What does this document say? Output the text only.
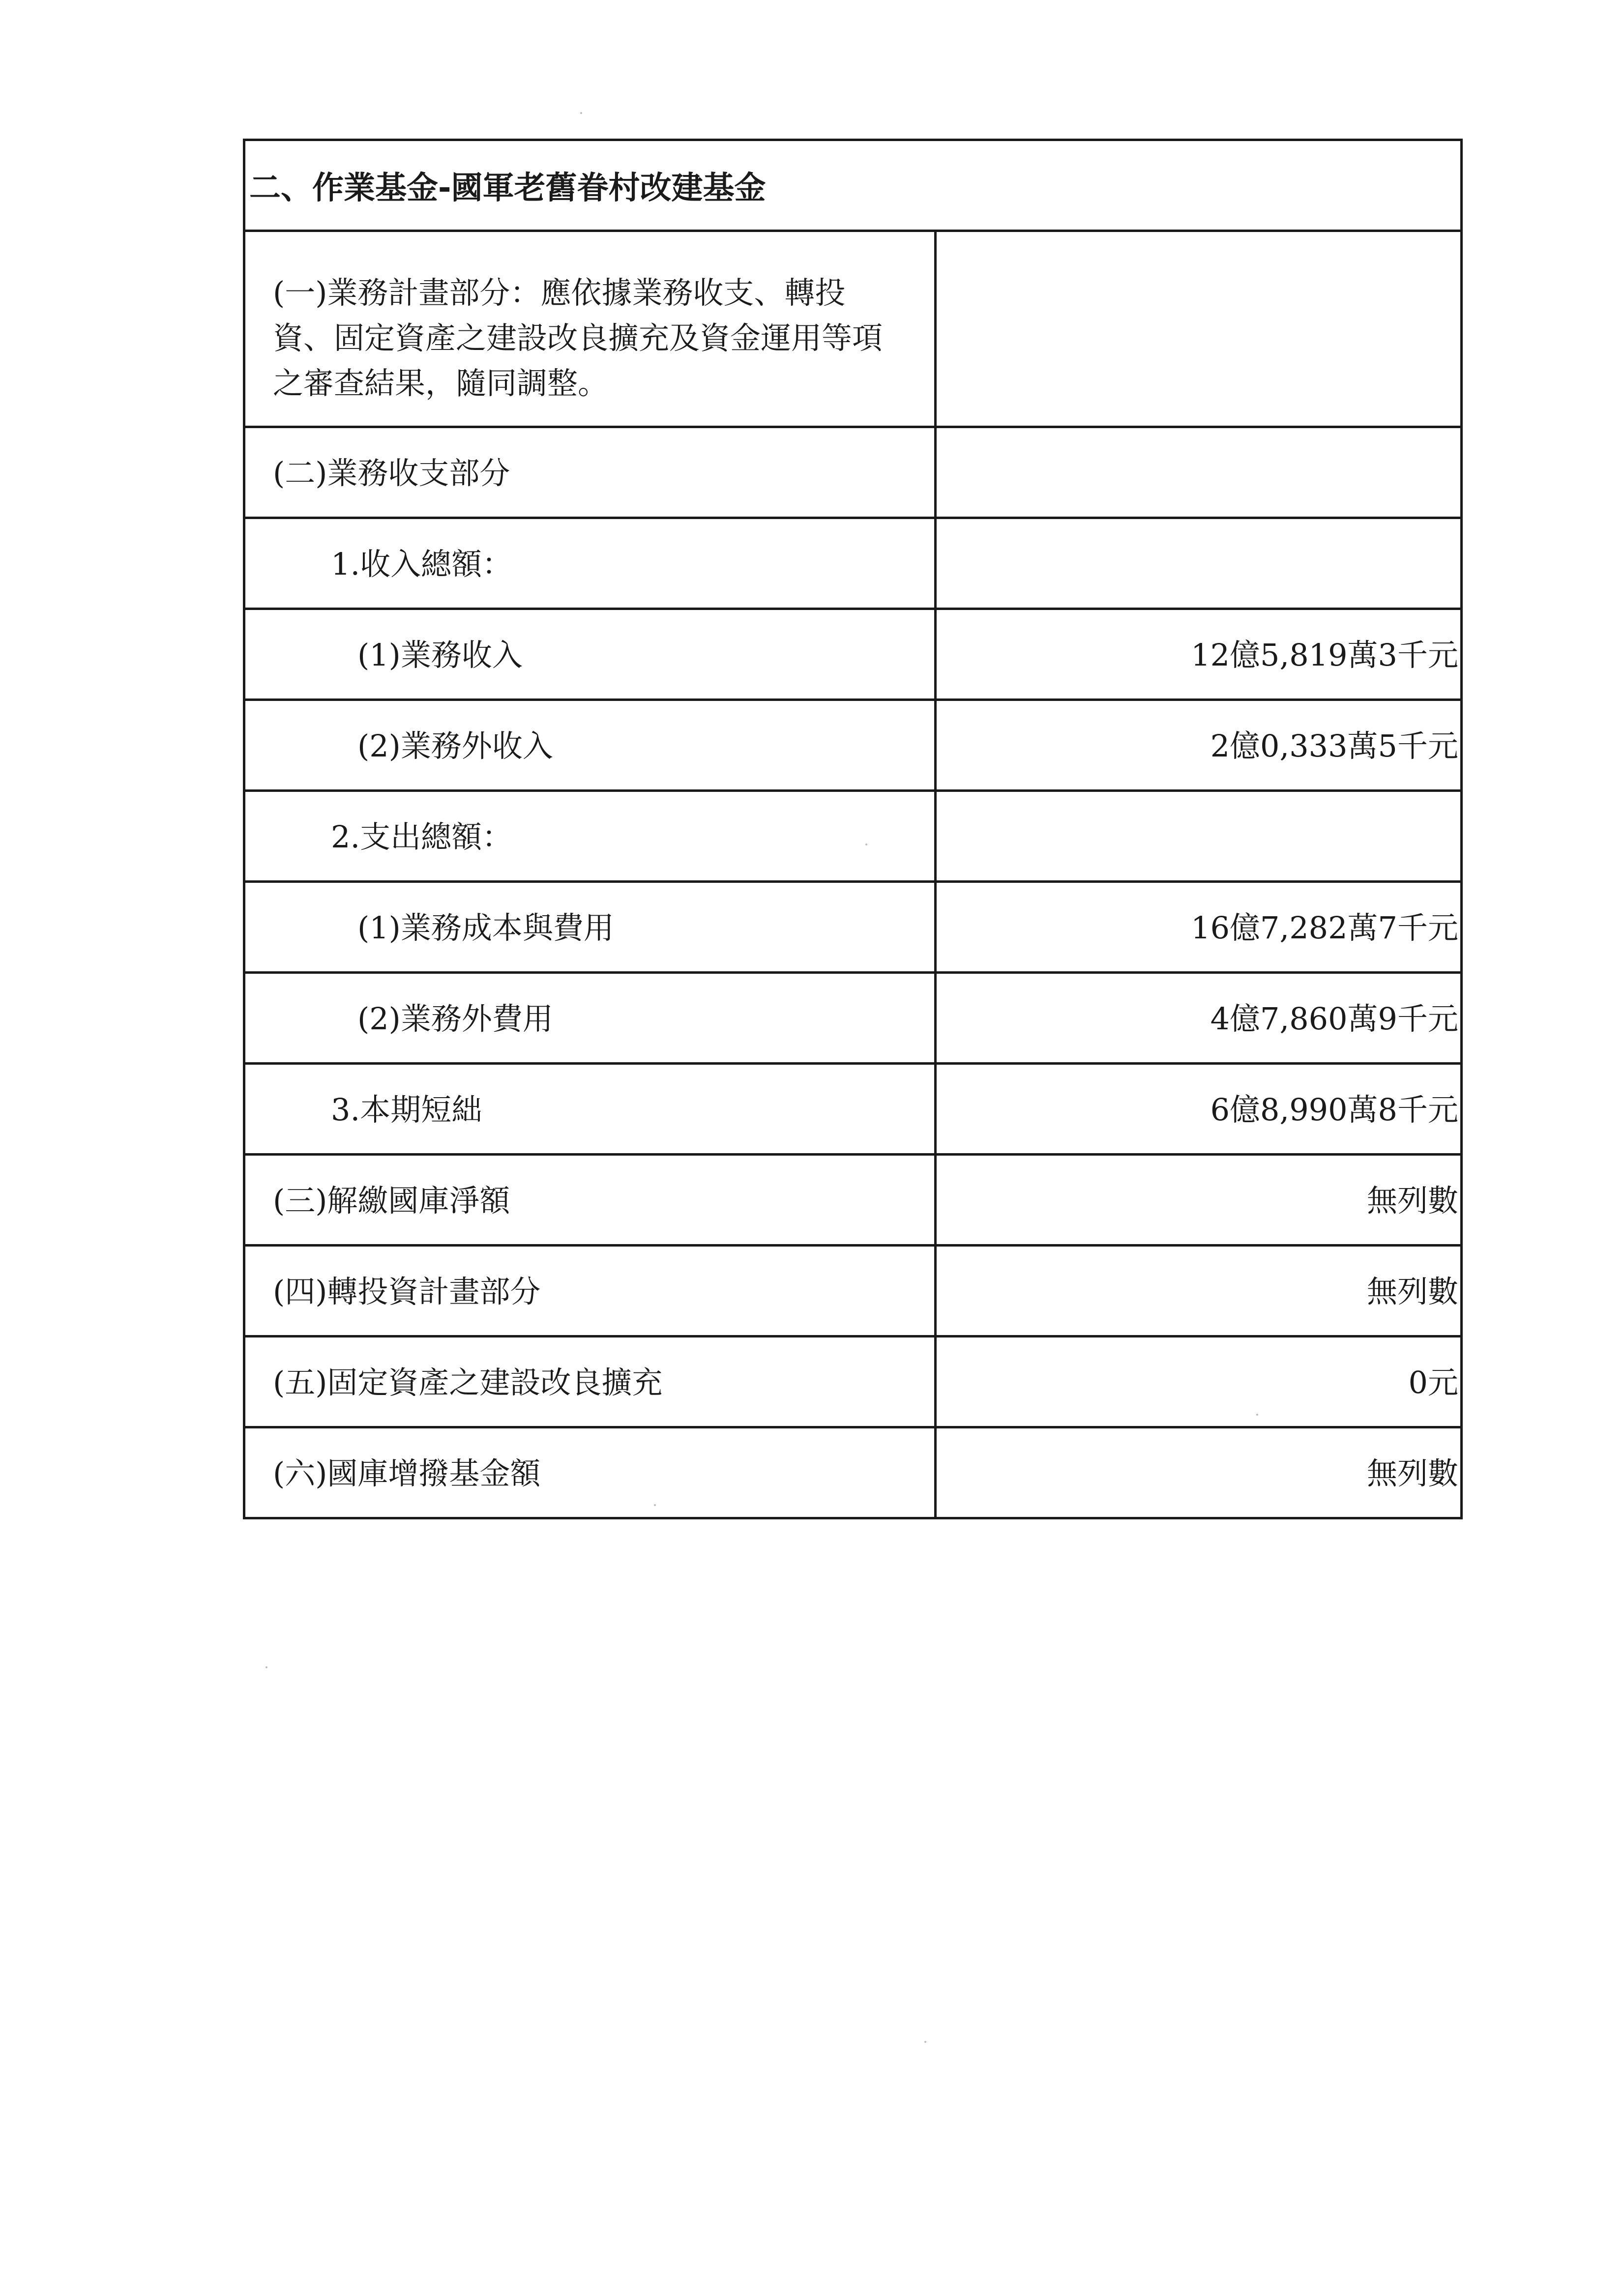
二、作業基金-國軍老舊眷村改建基金	
(一)業務計畫部分：應依據業務收支、轉投資、固定資產之建設改良擴充及資金運用等項之審查結果，隨同調整。	
(二)業務收支部分	
1.收入總額：	
(1)業務收入	12億5,819萬3千元
(2)業務外收入	2億0,333萬5千元
2.支出總額：	
(1)業務成本與費用	16億7,282萬7千元
(2)業務外費用	4億7,860萬9千元
3.本期短絀	6億8,990萬8千元
(三)解繳國庫淨額	無列數
(四)轉投資計畫部分	無列數
(五)固定資產之建設改良擴充	0元
(六)國庫增撥基金額	無列數
